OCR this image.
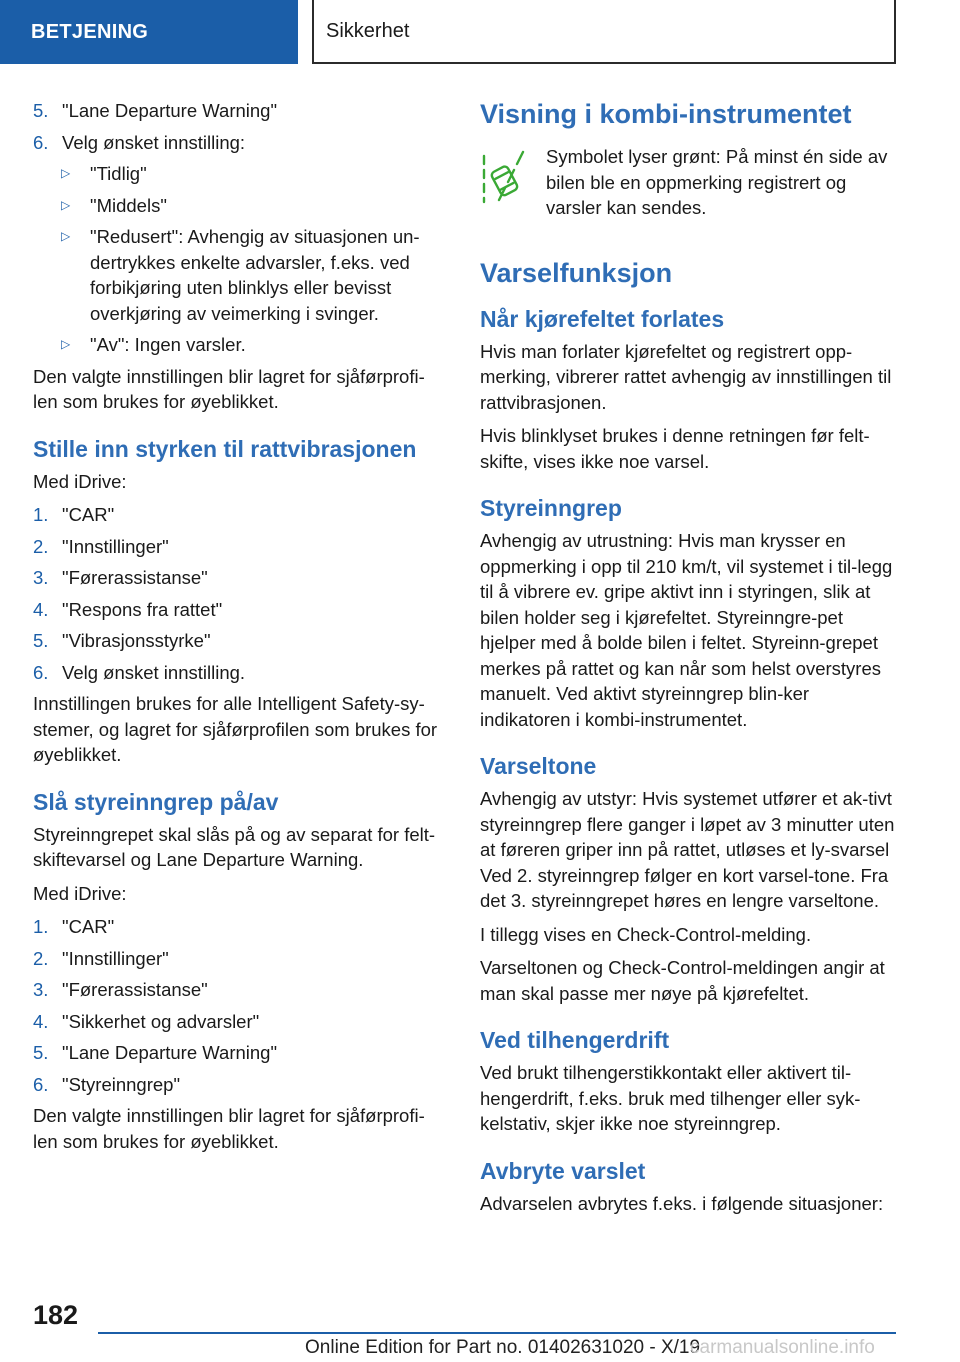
BETJENING	Sikkerhet
5. "Lane Departure Warning"
6. Velg ønsket innstilling:
▷	"Tidlig"
▷	"Middels"
▷	"Redusert": Avhengig av situasjonen un-dertrykkes enkelte advarsler, f.eks. ved forbikjøring uten blinklys eller bevisst overkjøring av veimerking i svinger.
▷	"Av": Ingen varsler.

Den valgte innstillingen blir lagret for sjåførprofi-len som brukes for øyeblikket.

Stille inn styrken til rattvibrasjonen

Med iDrive:

1. "CAR"
2. "Innstillinger"
3. "Førerassistanse"
4. "Respons fra rattet"
5. "Vibrasjonsstyrke"
6. Velg ønsket innstilling.

Innstillingen brukes for alle Intelligent Safety-sy-stemer, og lagret for sjåførprofilen som brukes for øyeblikket.

Slå styreinngrep på/av

Styreinngrepet skal slås på og av separat for felt-skiftevarsel og Lane Departure Warning.

Med iDrive:

1. "CAR"
2. "Innstillinger"
3. "Førerassistanse"
4. "Sikkerhet og advarsler"
5. "Lane Departure Warning"
6. "Styreinngrep"

Den valgte innstillingen blir lagret for sjåførprofi-len som brukes for øyeblikket.

Visning i kombi-instrumentet
Symbolet lyser grønt: På minst én side av bilen ble en oppmerking registrert og varsler kan sendes.
Varselfunksjon
Når kjørefeltet forlates

Hvis man forlater kjørefeltet og registrert opp-merking, vibrerer rattet avhengig av innstillingen til rattvibrasjonen.

Hvis blinklyset brukes i denne retningen før felt-skifte, vises ikke noe varsel.

Styreinngrep

Avhengig av utrustning: Hvis man krysser en oppmerking i opp til 210 km/t, vil systemet i til-legg til å vibrere ev. gripe aktivt inn i styringen, slik at bilen holder seg i kjørefeltet. Styreinngre-pet hjelper med å bolde bilen i feltet. Styreinn-grepet merkes på rattet og kan når som helst overstyres manuelt. Ved aktivt styreinngrep blin-ker indikatoren i kombi-instrumentet.

Varseltone

Avhengig av utstyr: Hvis systemet utfører et ak-tivt styreinngrep flere ganger i løpet av 3 minutter uten at føreren griper inn på rattet, utløses et ly-svarsel Ved 2. styreinngrep følger en kort varsel-tone. Fra det 3. styreinngrepet høres en lengre varseltone.

I tillegg vises en Check-Control-melding.

Varseltonen og Check-Control-meldingen angir at man skal passe mer nøye på kjørefeltet.

Ved tilhengerdrift

Ved brukt tilhengerstikkontakt eller aktivert til-hengerdrift, f.eks. bruk med tilhenger eller syk-kelstativ, skjer ikke noe styreinngrep.

Avbryte varslet

Advarselen avbrytes f.eks. i følgende situasjoner:

182
Online Edition for Part no. 01402631020 - X/19
carmanualsonline.info
